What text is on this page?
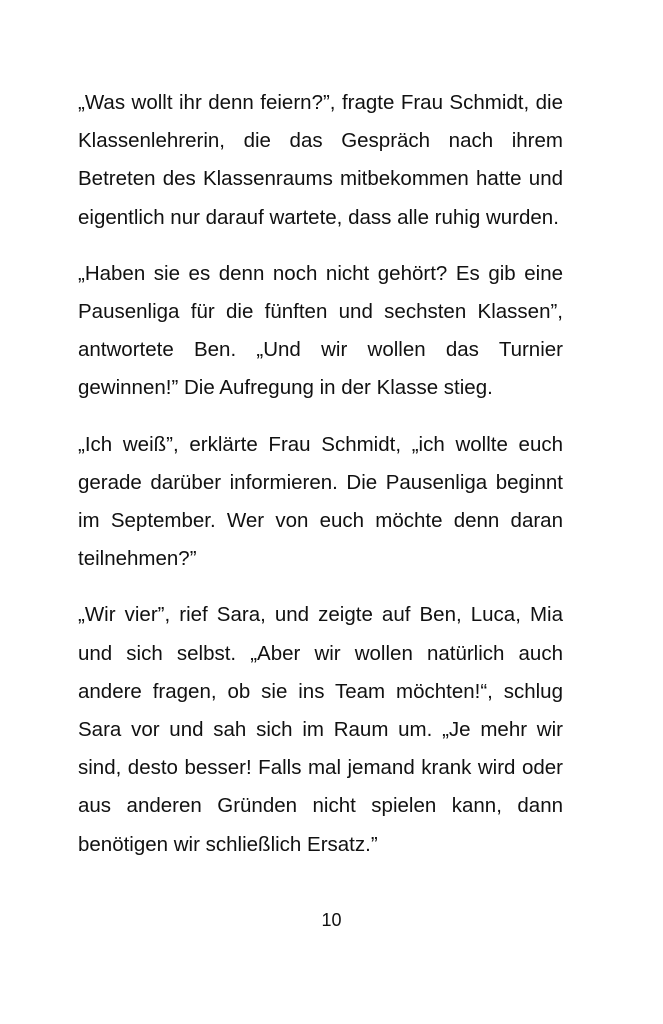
„Was wollt ihr denn feiern?”, fragte Frau Schmidt, die Klassenlehrerin, die das Gespräch nach ihrem Betreten des Klassenraums mitbekommen hatte und eigentlich nur darauf wartete, dass alle ruhig wurden.

„Haben sie es denn noch nicht gehört? Es gib eine Pausenliga für die fünften und sechsten Klassen”, antwortete Ben. „Und wir wollen das Turnier gewinnen!” Die Aufregung in der Klasse stieg.

„Ich weiß”, erklärte Frau Schmidt, „ich wollte euch gerade darüber informieren. Die Pausenliga beginnt im September. Wer von euch möchte denn daran teilnehmen?”

„Wir vier”, rief Sara, und zeigte auf Ben, Luca, Mia und sich selbst. „Aber wir wollen natürlich auch andere fragen, ob sie ins Team möchten!“, schlug Sara vor und sah sich im Raum um. „Je mehr wir sind, desto besser! Falls mal jemand krank wird oder aus anderen Gründen nicht spielen kann, dann benötigen wir schließlich Ersatz.”

10
